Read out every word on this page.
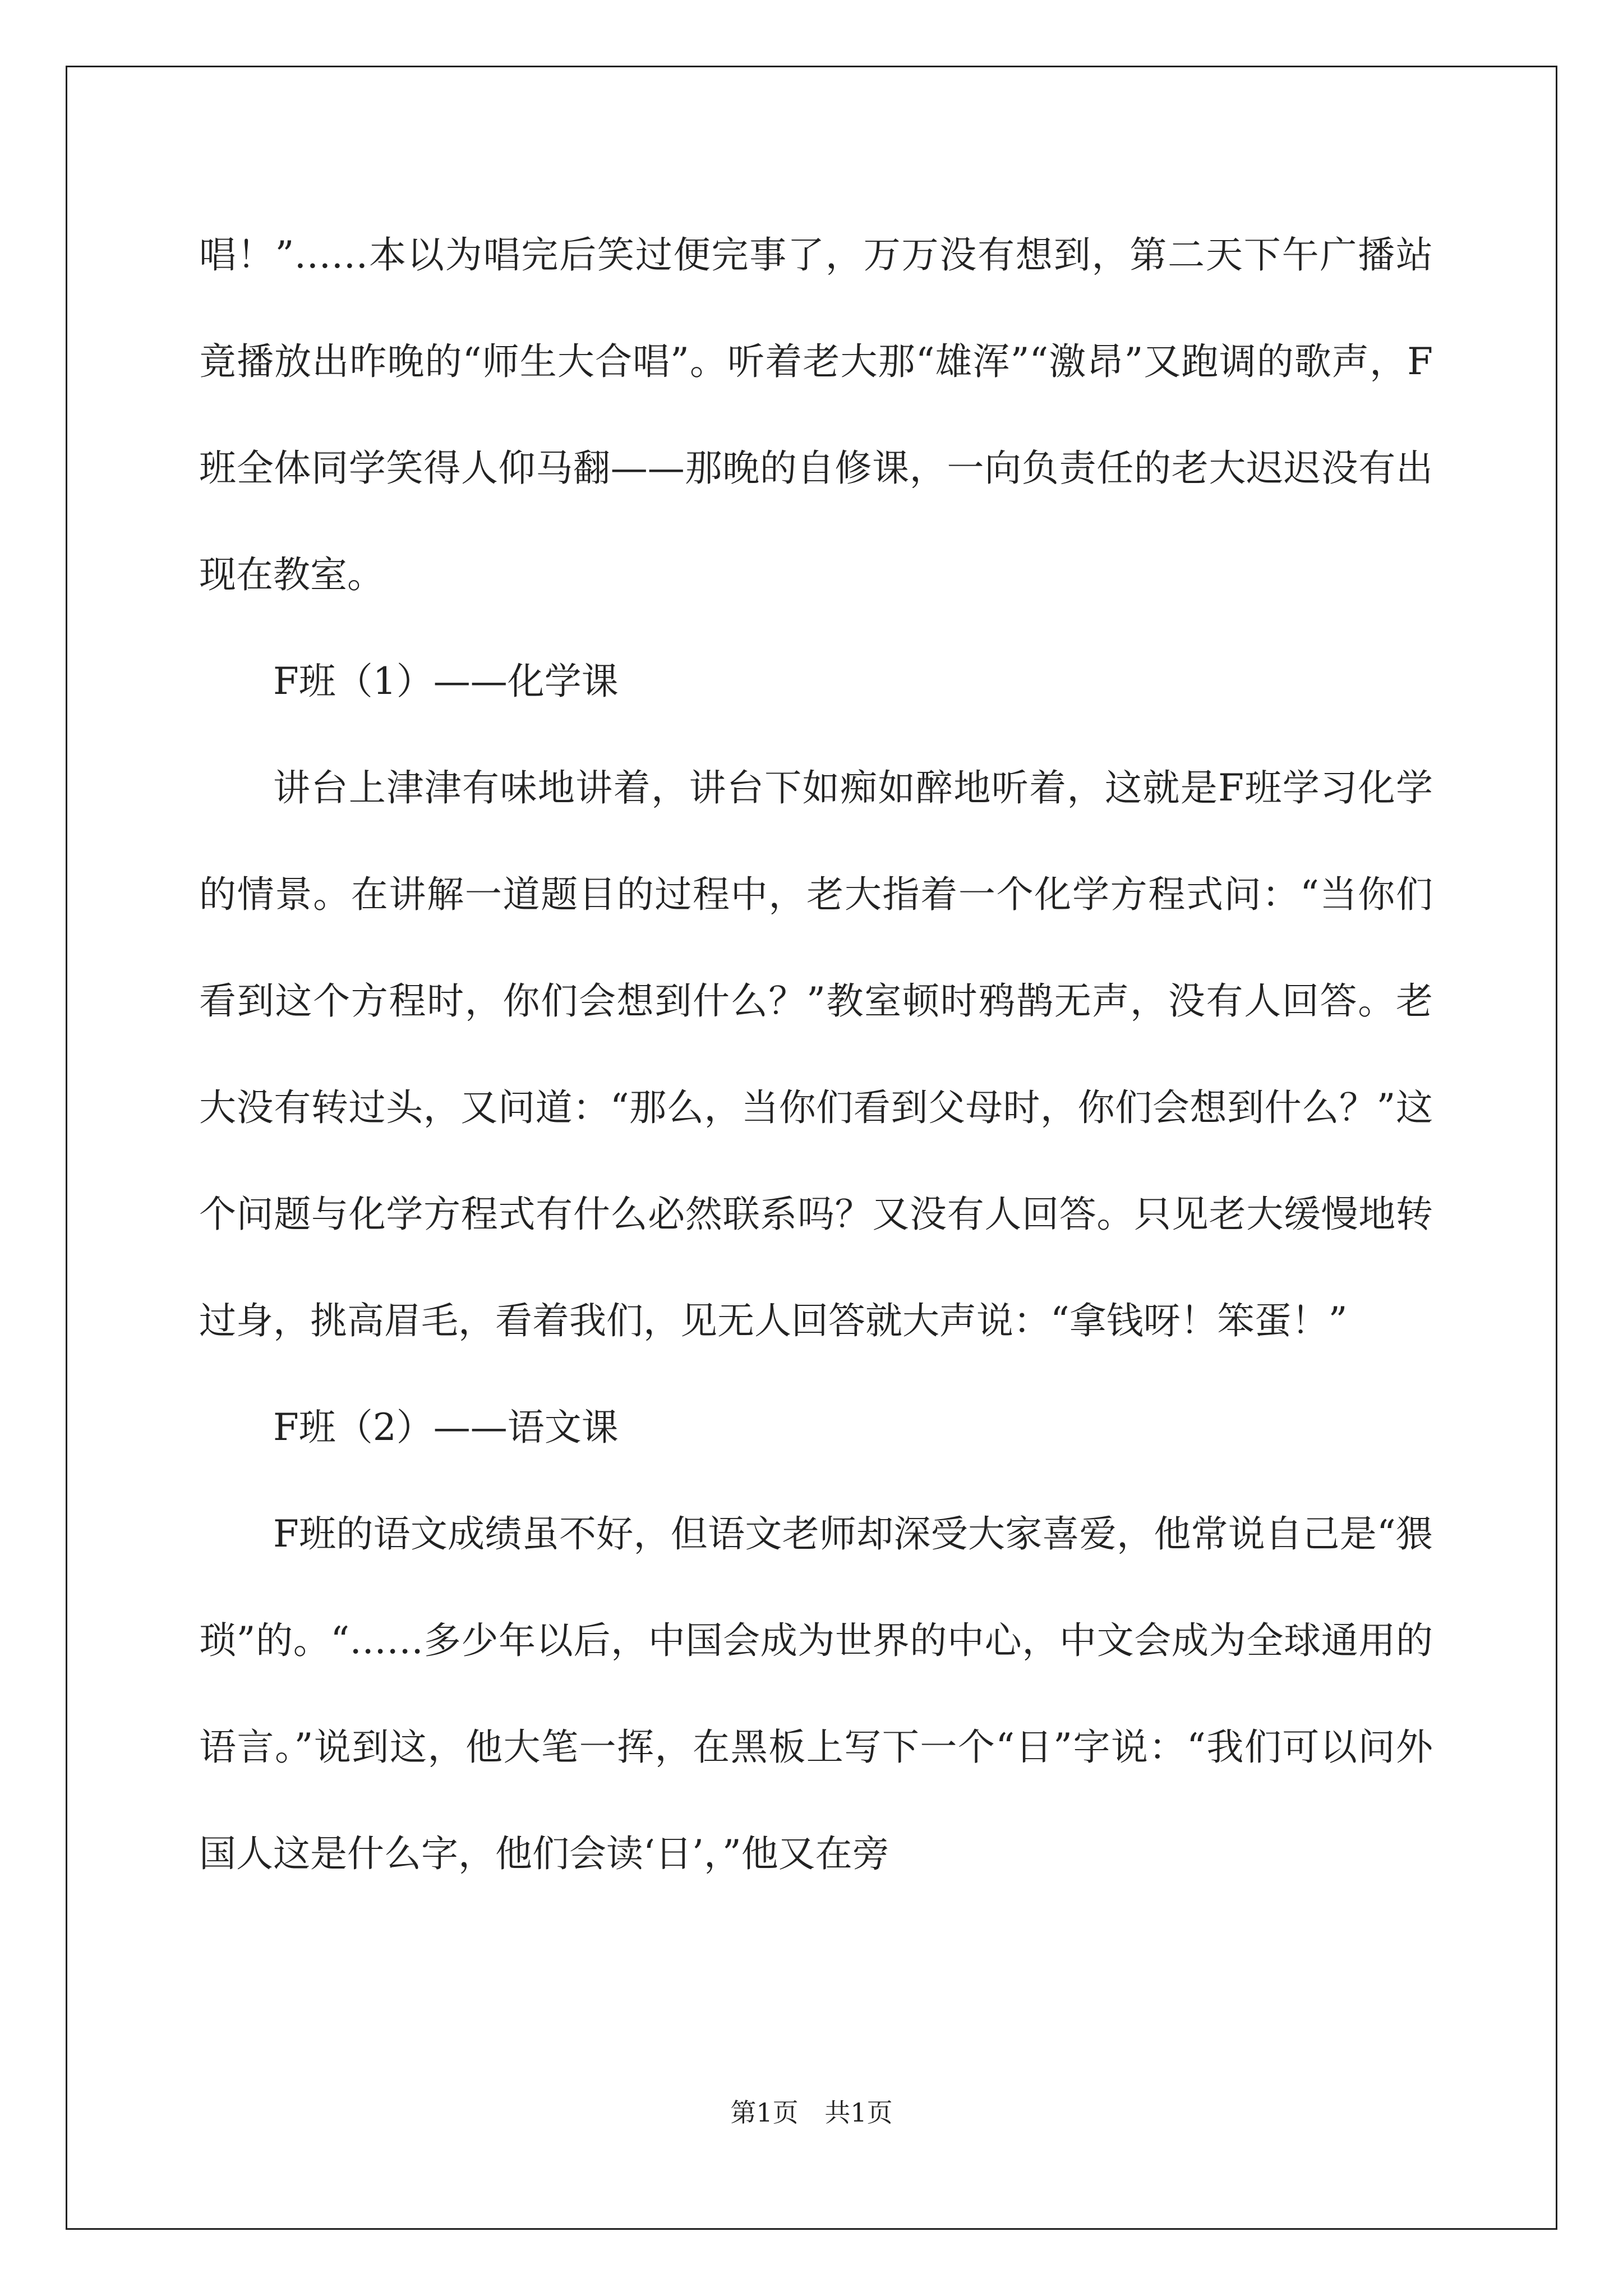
唱！”……本以为唱完后笑过便完事了，万万没有想到，第二天下午广播站竟播放出昨晚的“师生大合唱”。听着老大那“雄浑”“激昂”又跑调的歌声，F班全体同学笑得人仰马翻——那晚的自修课，一向负责任的老大迟迟没有出现在教室。

F班（1）——化学课

讲台上津津有味地讲着，讲台下如痴如醉地听着，这就是F班学习化学的情景。在讲解一道题目的过程中，老大指着一个化学方程式问：“当你们看到这个方程时，你们会想到什么？”教室顿时鸦鹊无声，没有人回答。老大没有转过头，又问道：“那么，当你们看到父母时，你们会想到什么？”这个问题与化学方程式有什么必然联系吗？又没有人回答。只见老大缓慢地转过身，挑高眉毛，看着我们，见无人回答就大声说：“拿钱呀！笨蛋！”

F班（2）——语文课

F班的语文成绩虽不好，但语文老师却深受大家喜爱，他常说自己是“猥琐”的。“……多少年以后，中国会成为世界的中心，中文会成为全球通用的语言。”说到这，他大笔一挥，在黑板上写下一个“日”字说：“我们可以问外国人这是什么字，他们会读‘日’，”他又在旁

第1页 共1页
